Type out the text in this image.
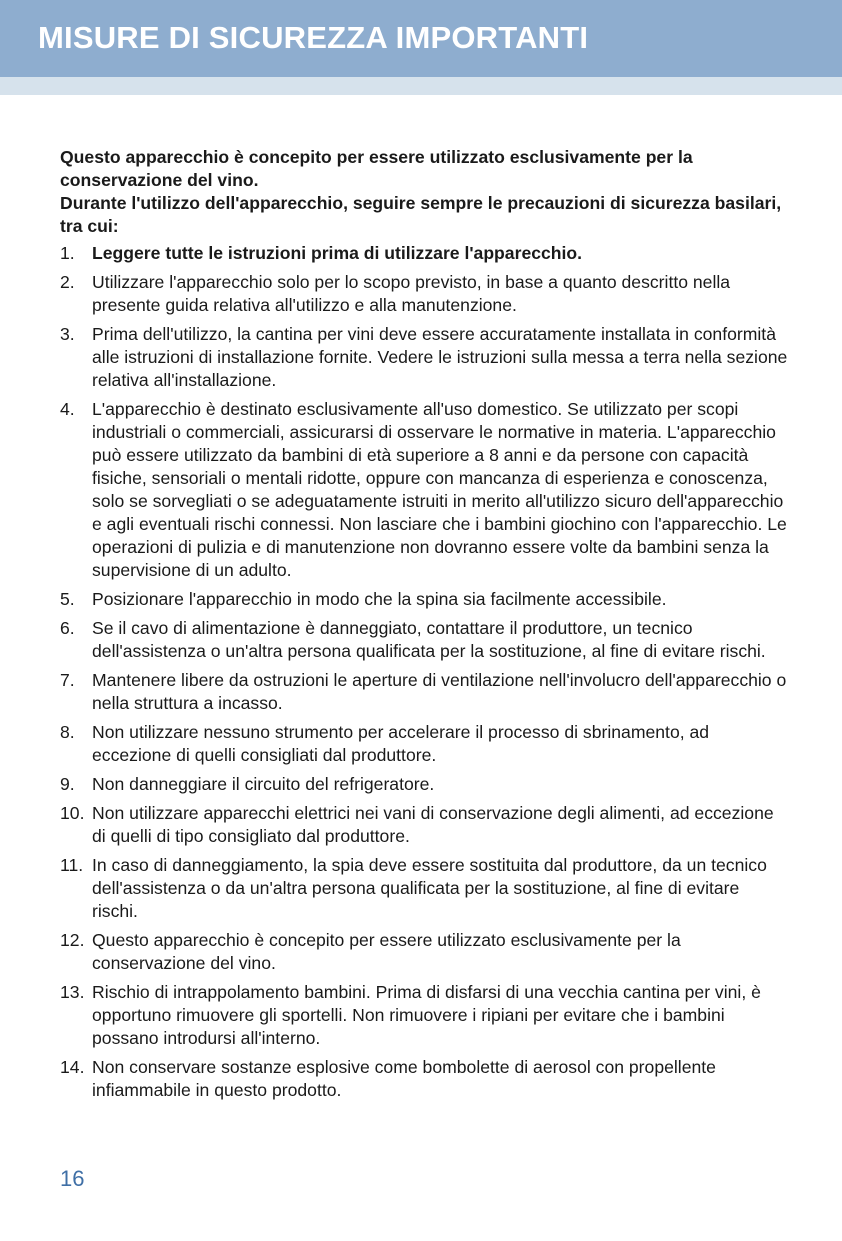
MISURE DI SICUREZZA IMPORTANTI

Questo apparecchio è concepito per essere utilizzato esclusivamente per la conservazione del vino.

Durante l'utilizzo dell'apparecchio, seguire sempre le precauzioni di sicurezza basilari, tra cui:

1. Leggere tutte le istruzioni prima di utilizzare l'apparecchio.
2. Utilizzare l'apparecchio solo per lo scopo previsto, in base a quanto descritto nella presente guida relativa all'utilizzo e alla manutenzione.
3. Prima dell'utilizzo, la cantina per vini deve essere accuratamente installata in conformità alle istruzioni di installazione fornite. Vedere le istruzioni sulla messa a terra nella sezione relativa all'installazione.
4. L'apparecchio è destinato esclusivamente all'uso domestico. Se utilizzato per scopi industriali o commerciali, assicurarsi di osservare le normative in materia. L'apparecchio può essere utilizzato da bambini di età superiore a 8 anni e da persone con capacità fisiche, sensoriali o mentali ridotte, oppure con mancanza di esperienza e conoscenza, solo se sorvegliati o se adeguatamente istruiti in merito all'utilizzo sicuro dell'apparecchio e agli eventuali rischi connessi. Non lasciare che i bambini giochino con l'apparecchio. Le operazioni di pulizia e di manutenzione non dovranno essere volte da bambini senza la supervisione di un adulto.
5. Posizionare l'apparecchio in modo che la spina sia facilmente accessibile.
6. Se il cavo di alimentazione è danneggiato, contattare il produttore, un tecnico dell'assistenza o un'altra persona qualificata per la sostituzione, al fine di evitare rischi.
7. Mantenere libere da ostruzioni le aperture di ventilazione nell'involucro dell'apparecchio o nella struttura a incasso.
8. Non utilizzare nessuno strumento per accelerare il processo di sbrinamento, ad eccezione di quelli consigliati dal produttore.
9. Non danneggiare il circuito del refrigeratore.
10. Non utilizzare apparecchi elettrici nei vani di conservazione degli alimenti, ad eccezione di quelli di tipo consigliato dal produttore.
11. In caso di danneggiamento, la spia deve essere sostituita dal produttore, da un tecnico dell'assistenza o da un'altra persona qualificata per la sostituzione, al fine di evitare rischi.
12. Questo apparecchio è concepito per essere utilizzato esclusivamente per la conservazione del vino.
13. Rischio di intrappolamento bambini. Prima di disfarsi di una vecchia cantina per vini, è opportuno rimuovere gli sportelli. Non rimuovere i ripiani per evitare che i bambini possano introdursi all'interno.
14. Non conservare sostanze esplosive come bombolette di aerosol con propellente infiammabile in questo prodotto.
16
